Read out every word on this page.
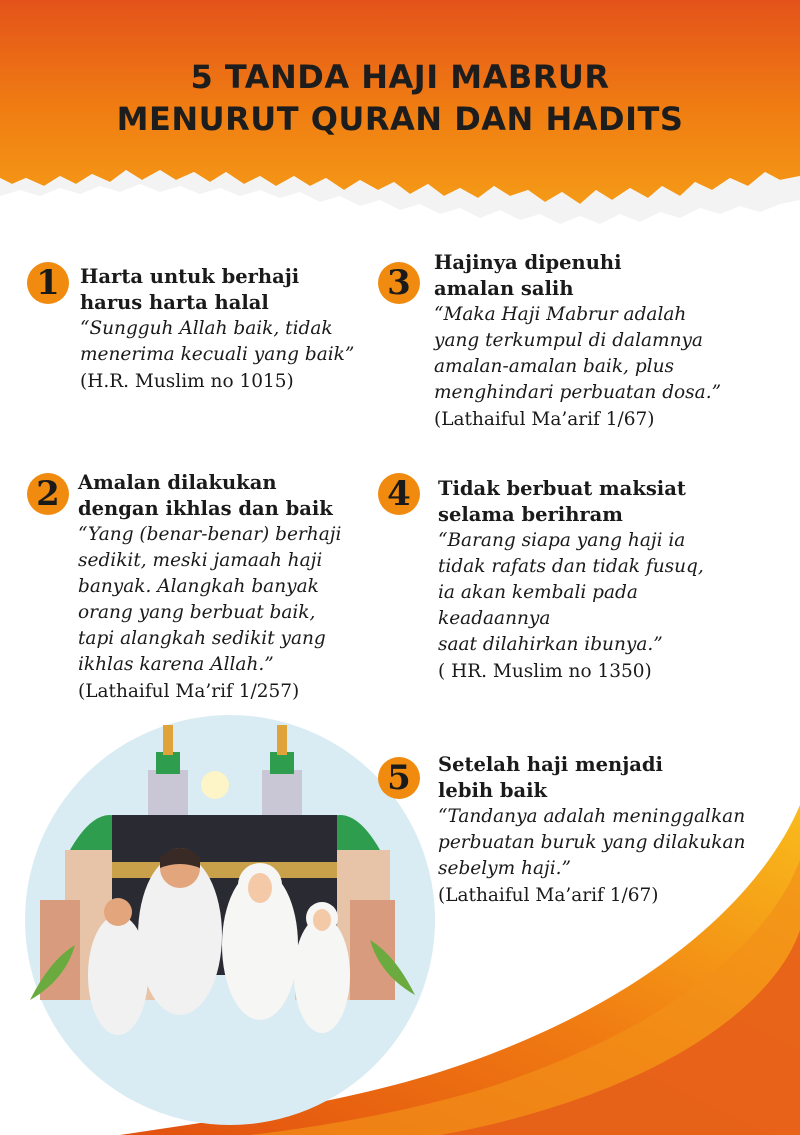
5 TANDA HAJI MABRUR
MENURUT QURAN DAN HADITS
1	Harta untuk berhaji
harus harta halal

“Sungguh Allah baik, tidak
menerima kecuali yang baik”

(H.R. Muslim no 1015)

2 Amalan dilakukan
dengan ikhlas dan baik

“Yang (benar-benar) berhaji
sedikit, meski jamaah haji
banyak. Alangkah banyak
orang yang berbuat baik,
tapi alangkah sedikit yang
ikhlas karena Allah.”

(Lathaiful Ma’rif 1/257)

3

Hajinya dipenuhi
amalan salih

“Maka Haji Mabrur adalah
yang terkumpul di dalamnya
amalan-amalan baik, plus
menghindari perbuatan dosa.”

(Lathaiful Ma’arif 1/67)

4	Tidak berbuat maksiat
selama berihram

“Barang siapa yang haji ia
tidak rafats dan tidak fusuq,
ia akan kembali pada
keadaannya
saat dilahirkan ibunya.”

( HR. Muslim no 1350)

5	Setelah haji menjadi
lebih baik

“Tandanya adalah meninggalkan
perbuatan buruk yang dilakukan
sebelym haji.”

(Lathaiful Ma’arif 1/67)
